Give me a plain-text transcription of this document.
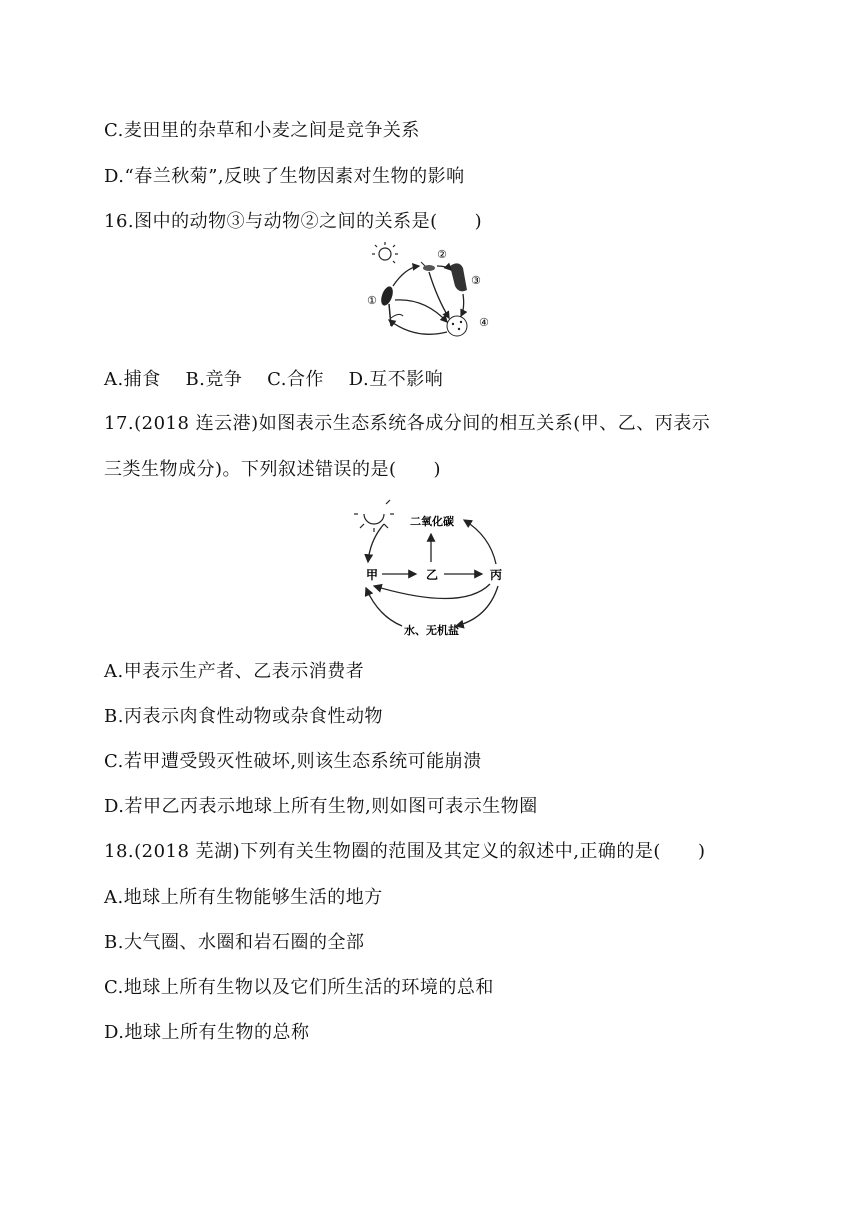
C.麦田里的杂草和小麦之间是竞争关系
D.“春兰秋菊”,反映了生物因素对生物的影响
16.图中的动物③与动物②之间的关系是(　　)
①
②
③
④
A.捕食　 B.竞争　 C.合作　 D.互不影响
17.(2018 连云港)如图表示生态系统各成分间的相互关系(甲、乙、丙表示
三类生物成分)。下列叙述错误的是(　　)
二氧化碳
甲	乙	丙
水、无机盐
A.甲表示生产者、乙表示消费者
B.丙表示肉食性动物或杂食性动物
C.若甲遭受毁灭性破坏,则该生态系统可能崩溃
D.若甲乙丙表示地球上所有生物,则如图可表示生物圈
18.(2018 芜湖)下列有关生物圈的范围及其定义的叙述中,正确的是(　　)
A.地球上所有生物能够生活的地方
B.大气圈、水圈和岩石圈的全部
C.地球上所有生物以及它们所生活的环境的总和
D.地球上所有生物的总称
